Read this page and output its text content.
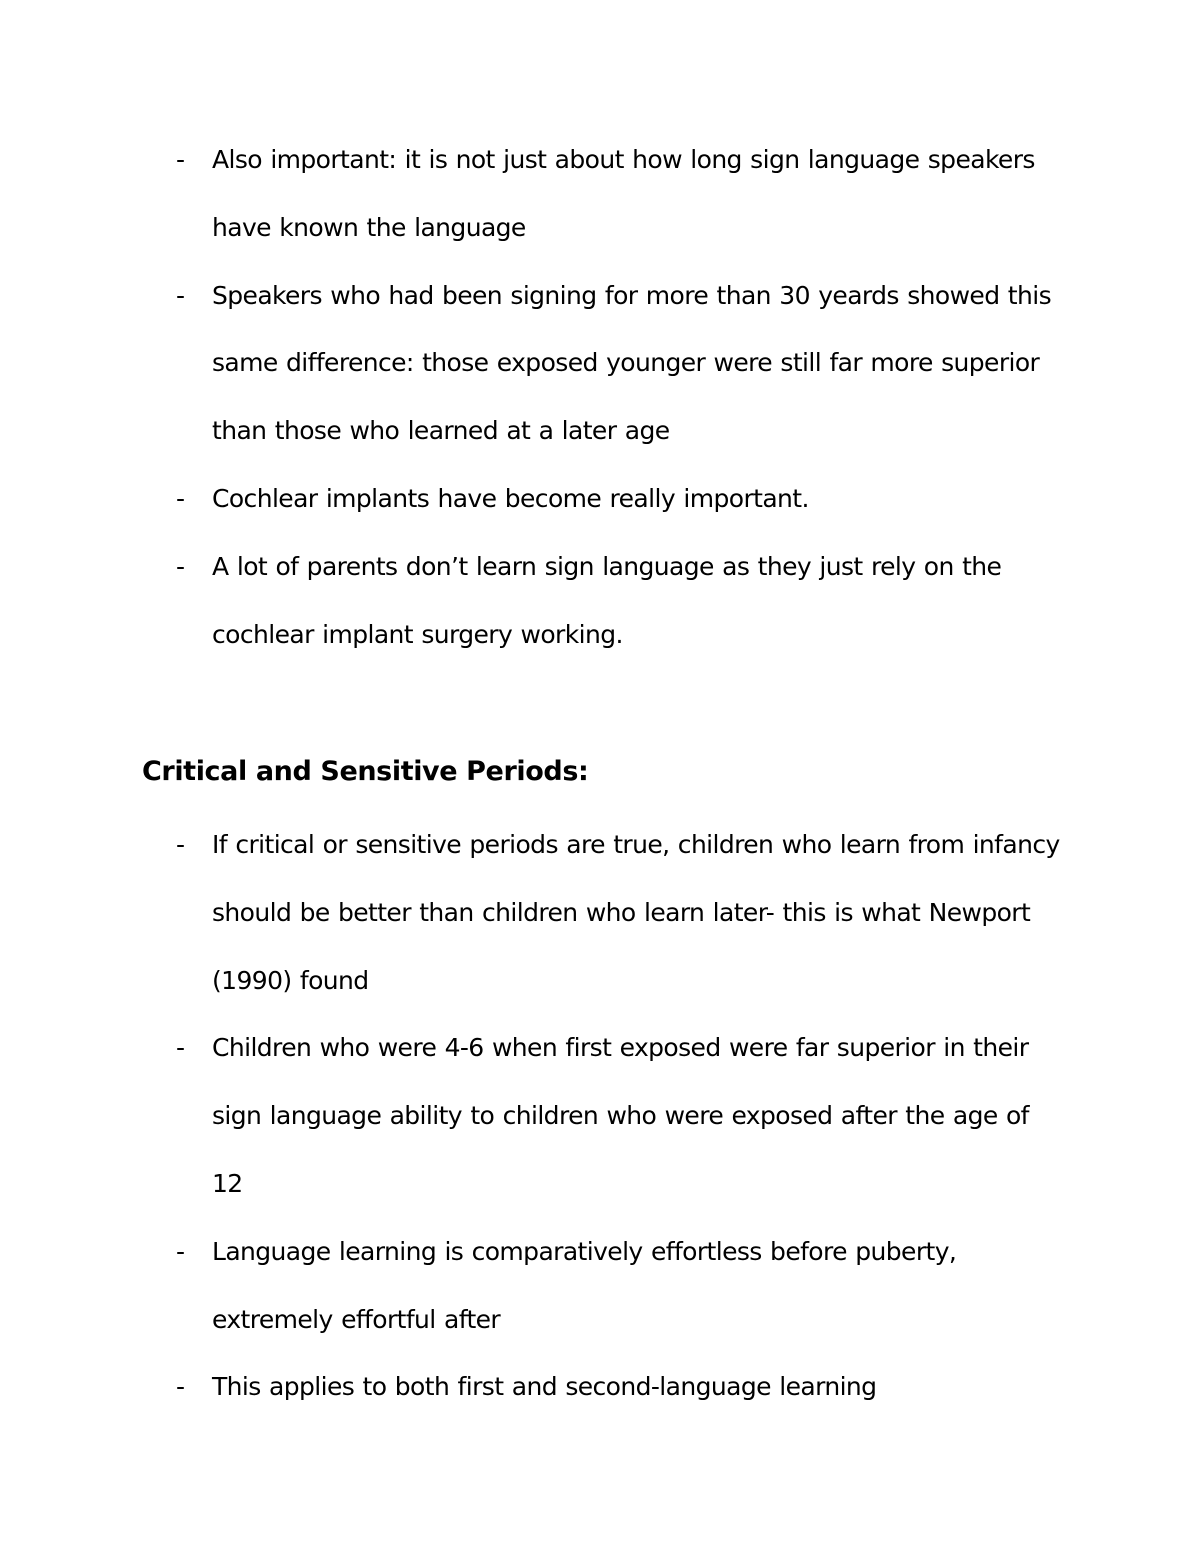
- Also important: it is not just about how long sign language speakers have known the language
- Speakers who had been signing for more than 30 yeards showed this same difference: those exposed younger were still far more superior than those who learned at a later age
- Cochlear implants have become really important.
- A lot of parents don’t learn sign language as they just rely on the cochlear implant surgery working.
Critical and Sensitive Periods:
- If critical or sensitive periods are true, children who learn from infancy should be better than children who learn later- this is what Newport (1990) found
- Children who were 4-6 when first exposed were far superior in their sign language ability to children who were exposed after the age of 12
- Language learning is comparatively effortless before puberty, extremely effortful after
- This applies to both first and second-language learning
